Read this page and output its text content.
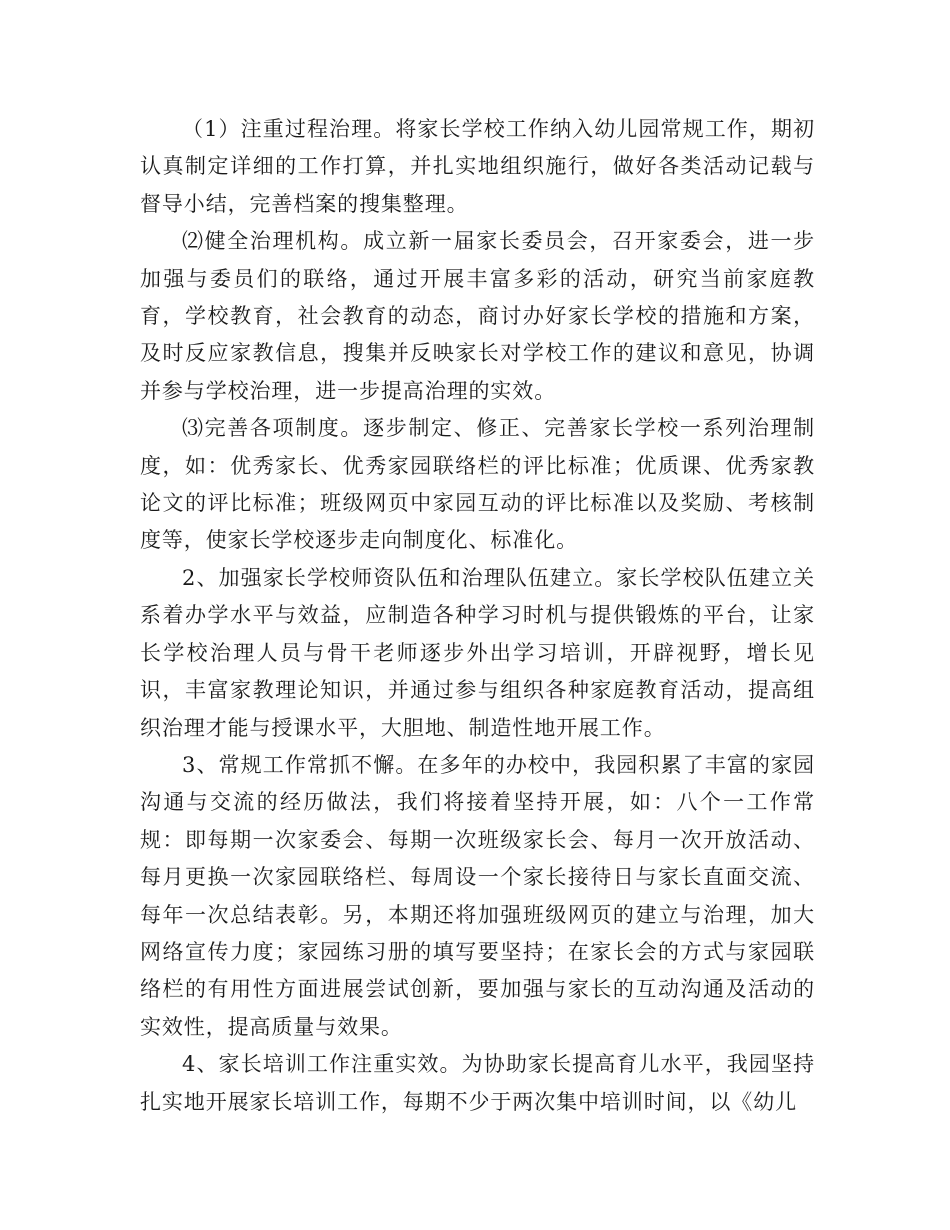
（1）注重过程治理。将家长学校工作纳入幼儿园常规工作，期初认真制定详细的工作打算，并扎实地组织施行，做好各类活动记载与督导小结，完善档案的搜集整理。

⑵健全治理机构。成立新一届家长委员会，召开家委会，进一步加强与委员们的联络，通过开展丰富多彩的活动，研究当前家庭教育，学校教育，社会教育的动态，商讨办好家长学校的措施和方案，及时反应家教信息，搜集并反映家长对学校工作的建议和意见，协调并参与学校治理，进一步提高治理的实效。

⑶完善各项制度。逐步制定、修正、完善家长学校一系列治理制度，如：优秀家长、优秀家园联络栏的评比标准；优质课、优秀家教论文的评比标准；班级网页中家园互动的评比标准以及奖励、考核制度等，使家长学校逐步走向制度化、标准化。

2、加强家长学校师资队伍和治理队伍建立。家长学校队伍建立关系着办学水平与效益，应制造各种学习时机与提供锻炼的平台，让家长学校治理人员与骨干老师逐步外出学习培训，开辟视野，增长见识，丰富家教理论知识，并通过参与组织各种家庭教育活动，提高组织治理才能与授课水平，大胆地、制造性地开展工作。

3、常规工作常抓不懈。在多年的办校中，我园积累了丰富的家园沟通与交流的经历做法，我们将接着坚持开展，如：八个一工作常规：即每期一次家委会、每期一次班级家长会、每月一次开放活动、每月更换一次家园联络栏、每周设一个家长接待日与家长直面交流、每年一次总结表彰。另，本期还将加强班级网页的建立与治理，加大网络宣传力度；家园练习册的填写要坚持；在家长会的方式与家园联络栏的有用性方面进展尝试创新，要加强与家长的互动沟通及活动的实效性，提高质量与效果。

4、家长培训工作注重实效。为协助家长提高育儿水平，我园坚持扎实地开展家长培训工作，每期不少于两次集中培训时间，以《幼儿
